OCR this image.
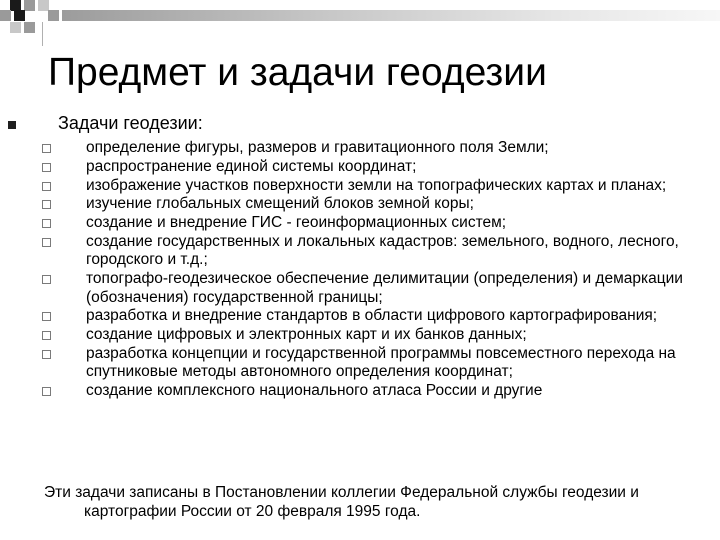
Предмет и задачи геодезии
Задачи геодезии:
определение фигуры, размеров и гравитационного поля Земли;
распространение единой системы координат;
изображение участков поверхности земли на топографических картах и планах;
изучение глобальных смещений блоков земной коры;
создание и внедрение ГИС - геоинформационных систем;
создание государственных и локальных кадастров: земельного, водного, лесного, городского и т.д.;
топографо-геодезическое обеспечение делимитации (определения) и демаркации (обозначения) государственной границы;
разработка и внедрение стандартов в области цифрового картографирования;
создание цифровых и электронных карт и их банков данных;
разработка концепции и государственной программы повсеместного перехода на спутниковые методы автономного определения координат;
создание комплексного национального атласа России и другие

Эти задачи записаны в Постановлении коллегии Федеральной службы геодезии и картографии России от 20 февраля 1995 года.
